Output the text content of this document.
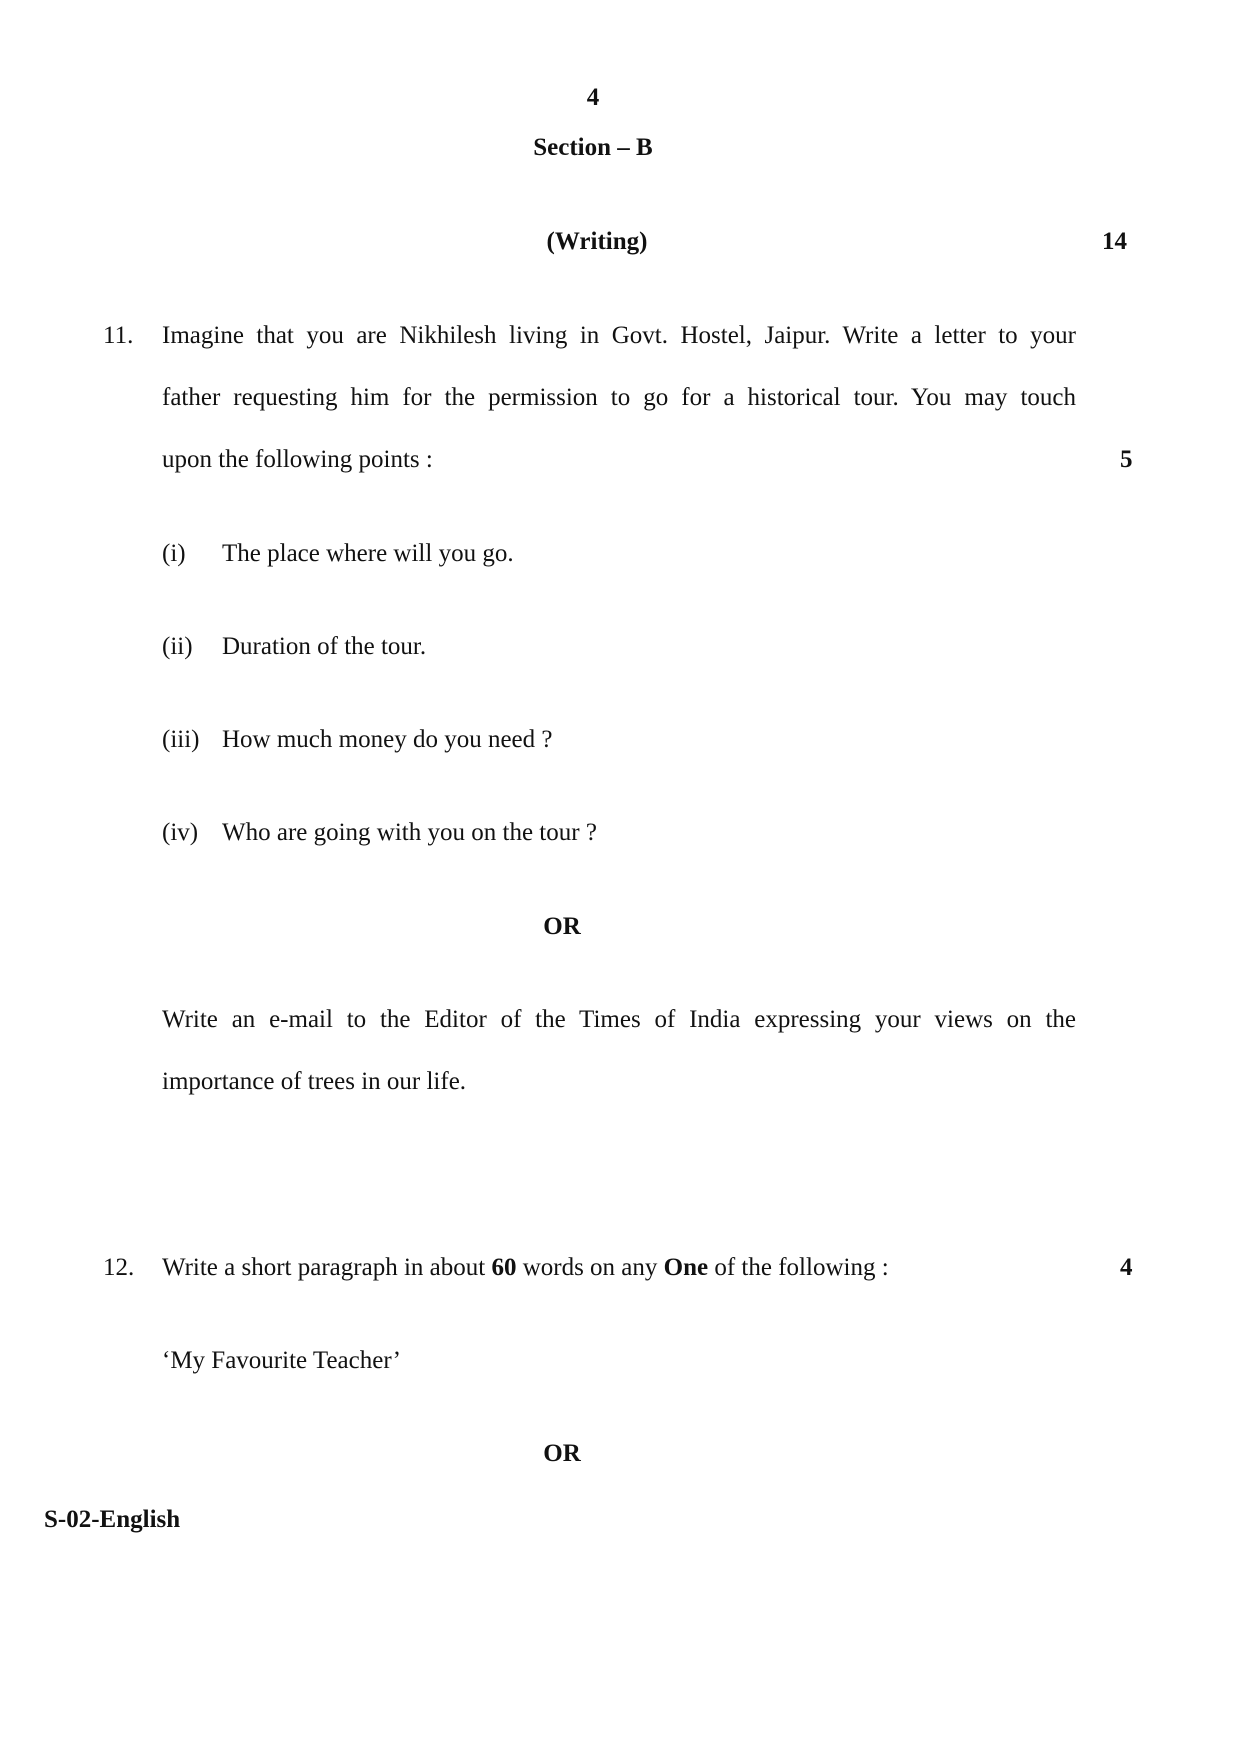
4
Section – B
(Writing)	14
11. Imagine that you are Nikhilesh living in Govt. Hostel, Jaipur. Write a letter to your
father requesting him for the permission to go for a historical tour. You may touch
upon the following points :	5
(i) The place where will you go.
(ii) Duration of the tour.
(iii) How much money do you need ?
(iv) Who are going with you on the tour ?
OR
Write an e-mail to the Editor of the Times of India expressing your views on the
importance of trees in our life.
12. Write a short paragraph in about 60 words on any One of the following :	4
‘My Favourite Teacher’
OR
S-02-English
